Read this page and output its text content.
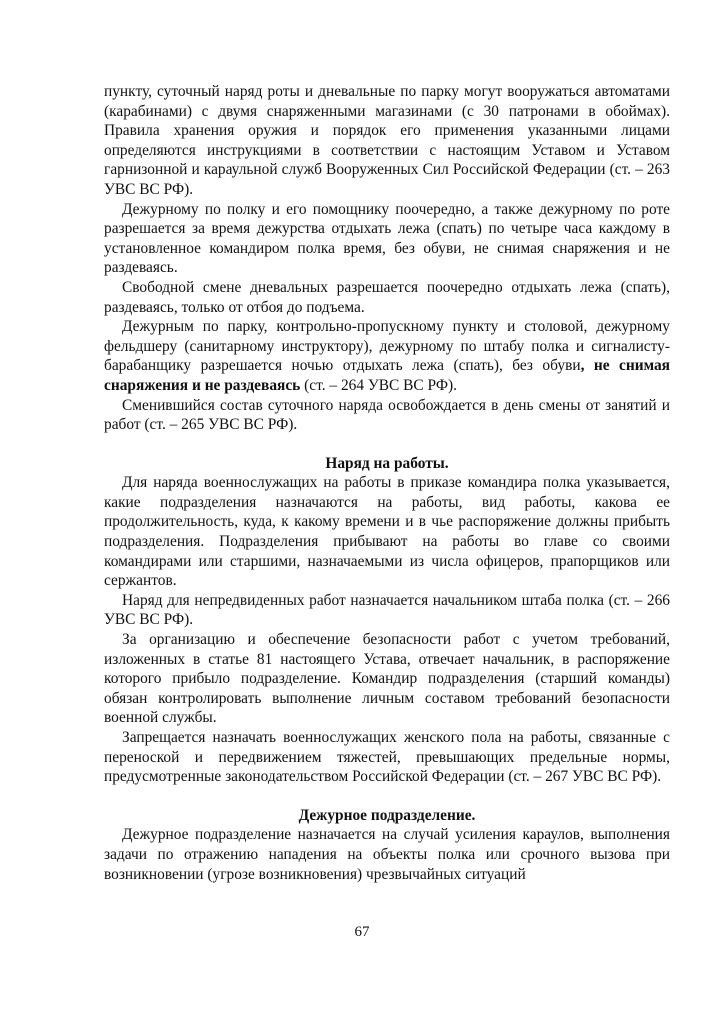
пункту, суточный наряд роты и дневальные по парку могут вооружаться автоматами (карабинами) с двумя снаряженными магазинами (с 30 патронами в обоймах). Правила хранения оружия и порядок его применения указанными лицами определяются инструкциями в соответствии с настоящим Уставом и Уставом гарнизонной и караульной служб Вооруженных Сил Российской Федерации (ст. – 263 УВС ВС РФ).

Дежурному по полку и его помощнику поочередно, а также дежурному по роте разрешается за время дежурства отдыхать лежа (спать) по четыре часа каждому в установленное командиром полка время, без обуви, не снимая снаряжения и не раздеваясь.

Свободной смене дневальных разрешается поочередно отдыхать лежа (спать), раздеваясь, только от отбоя до подъема.

Дежурным по парку, контрольно-пропускному пункту и столовой, дежурному фельдшеру (санитарному инструктору), дежурному по штабу полка и сигналисту-барабанщику разрешается ночью отдыхать лежа (спать), без обуви, не снимая снаряжения и не раздеваясь (ст. – 264 УВС ВС РФ).

Сменившийся состав суточного наряда освобождается в день смены от занятий и работ (ст. – 265 УВС ВС РФ).

Наряд на работы.

Для наряда военнослужащих на работы в приказе командира полка указывается, какие подразделения назначаются на работы, вид работы, какова ее продолжительность, куда, к какому времени и в чье распоряжение должны прибыть подразделения. Подразделения прибывают на работы во главе со своими командирами или старшими, назначаемыми из числа офицеров, прапорщиков или сержантов.

Наряд для непредвиденных работ назначается начальником штаба полка (ст. – 266 УВС ВС РФ).

За организацию и обеспечение безопасности работ с учетом требований, изложенных в статье 81 настоящего Устава, отвечает начальник, в распоряжение которого прибыло подразделение. Командир подразделения (старший команды) обязан контролировать выполнение личным составом требований безопасности военной службы.

Запрещается назначать военнослужащих женского пола на работы, связанные с переноской и передвижением тяжестей, превышающих предельные нормы, предусмотренные законодательством Российской Федерации (ст. – 267 УВС ВС РФ).

Дежурное подразделение.

Дежурное подразделение назначается на случай усиления караулов, выполнения задачи по отражению нападения на объекты полка или срочного вызова при возникновении (угрозе возникновения) чрезвычайных ситуаций

67
